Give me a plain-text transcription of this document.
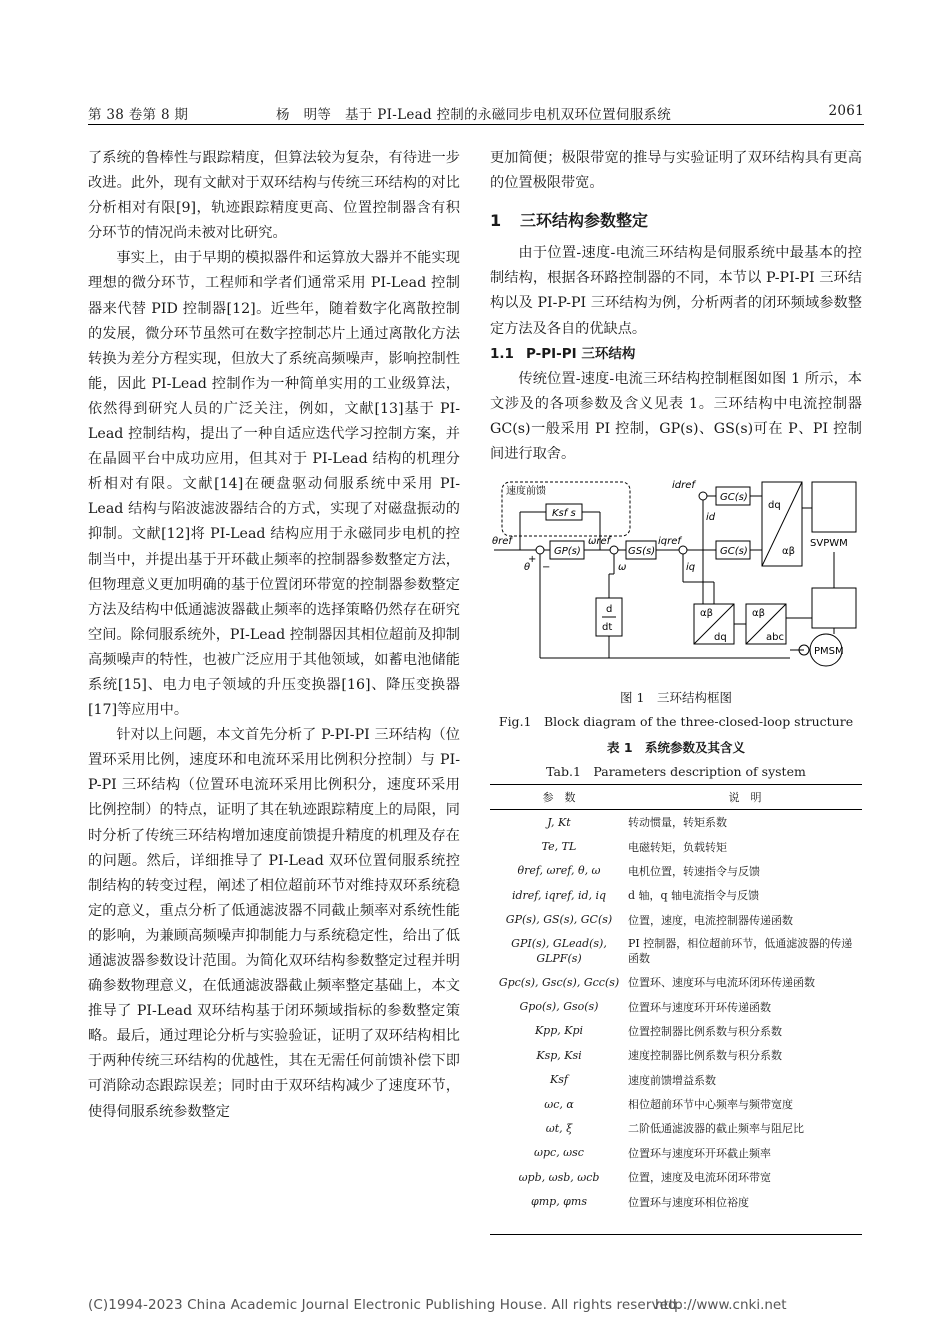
第 38 卷第 8 期	杨　明等　基于 PI-Lead 控制的永磁同步电机双环位置伺服系统	2061

了系统的鲁棒性与跟踪精度，但算法较为复杂，有待进一步改进。此外，现有文献对于双环结构与传统三环结构的对比分析相对有限[9]，轨迹跟踪精度更高、位置控制器含有积分环节的情况尚未被对比研究。

事实上，由于早期的模拟器件和运算放大器并不能实现理想的微分环节，工程师和学者们通常采用 PI-Lead 控制器来代替 PID 控制器[12]。近些年，随着数字化离散控制的发展，微分环节虽然可在数字控制芯片上通过离散化方法转换为差分方程实现，但放大了系统高频噪声，影响控制性能，因此 PI-Lead 控制作为一种简单实用的工业级算法，依然得到研究人员的广泛关注，例如，文献[13]基于 PI-Lead 控制结构，提出了一种自适应迭代学习控制方案，并在晶圆平台中成功应用，但其对于 PI-Lead 结构的机理分析相对有限。文献[14]在硬盘驱动伺服系统中采用 PI-Lead 结构与陷波滤波器结合的方式，实现了对磁盘振动的抑制。文献[12]将 PI-Lead 结构应用于永磁同步电机的控制当中，并提出基于开环截止频率的控制器参数整定方法，但物理意义更加明确的基于位置闭环带宽的控制器参数整定方法及结构中低通滤波器截止频率的选择策略仍然存在研究空间。除伺服系统外，PI-Lead 控制器因其相位超前及抑制高频噪声的特性，也被广泛应用于其他领域，如蓄电池储能系统[15]、电力电子领域的升压变换器[16]、降压变换器[17]等应用中。

针对以上问题，本文首先分析了 P-PI-PI 三环结构（位置环采用比例，速度环和电流环采用比例积分控制）与 PI-P-PI 三环结构（位置环电流环采用比例积分，速度环采用比例控制）的特点，证明了其在轨迹跟踪精度上的局限，同时分析了传统三环结构增加速度前馈提升精度的机理及存在的问题。然后，详细推导了 PI-Lead 双环位置伺服系统控制结构的转变过程，阐述了相位超前环节对维持双环系统稳定的意义，重点分析了低通滤波器不同截止频率对系统性能的影响，为兼顾高频噪声抑制能力与系统稳定性，给出了低通滤波器参数设计范围。为简化双环结构参数整定过程并明确参数物理意义，在低通滤波器截止频率整定基础上，本文推导了 PI-Lead 双环结构基于闭环频域指标的参数整定策略。最后，通过理论分析与实验验证，证明了双环结构相比于两种传统三环结构的优越性，其在无需任何前馈补偿下即可消除动态跟踪误差；同时由于双环结构减少了速度环节，使得伺服系统参数整定

更加简便；极限带宽的推导与实验证明了双环结构具有更高的位置极限带宽。

1 三环结构参数整定

由于位置-速度-电流三环结构是伺服系统中最基本的控制结构，根据各环路控制器的不同，本节以 P-PI-PI 三环结构以及 PI-P-PI 三环结构为例，分析两者的闭环频域参数整定方法及各自的优缺点。

1.1 P-PI-PI 三环结构

传统位置-速度-电流三环结构控制框图如图 1 所示，本文涉及的各项参数及含义见表 1。三环结构中电流控制器 GC(s)一般采用 PI 控制，GP(s)、GS(s)可在 P、PI 控制间进行取舍。

速度前馈
Ksf s
θref
θ
ωref
ω
iqref
idref
id
iq
GP(s)	GS(s)
GC(s)
GC(s)
dq
αβ
SVPWM
αβ
abc
αβ
dq
d
dt
PMSM
+
−
图 1　三环结构框图
Fig.1　Block diagram of the three-closed-loop structure
表 1　系统参数及其含义
Tab.1　Parameters description of system
参　数	说　明
J, Kt	转动惯量，转矩系数
Te, TL	电磁转矩，负载转矩
θref, ωref, θ, ω	电机位置，转速指令与反馈
idref, iqref, id, iq	d 轴，q 轴电流指令与反馈
GP(s), GS(s), GC(s)	位置，速度，电流控制器传递函数
GPI(s), GLead(s), GLPF(s)	PI 控制器，相位超前环节，低通滤波器的传递函数
Gpc(s), Gsc(s), Gcc(s)	位置环、速度环与电流环闭环传递函数
Gpo(s), Gso(s)	位置环与速度环开环传递函数
Kpp, Kpi	位置控制器比例系数与积分系数
Ksp, Ksi	速度控制器比例系数与积分系数
Ksf	速度前馈增益系数
ωc, α	相位超前环节中心频率与频带宽度
ωt, ξ	二阶低通滤波器的截止频率与阻尼比
ωpc, ωsc	位置环与速度环开环截止频率
ωpb, ωsb, ωcb	位置，速度及电流环闭环带宽
φmp, φms	位置环与速度环相位裕度
(C)1994-2023 China Academic Journal Electronic Publishing House. All rights reserved.
http://www.cnki.net
